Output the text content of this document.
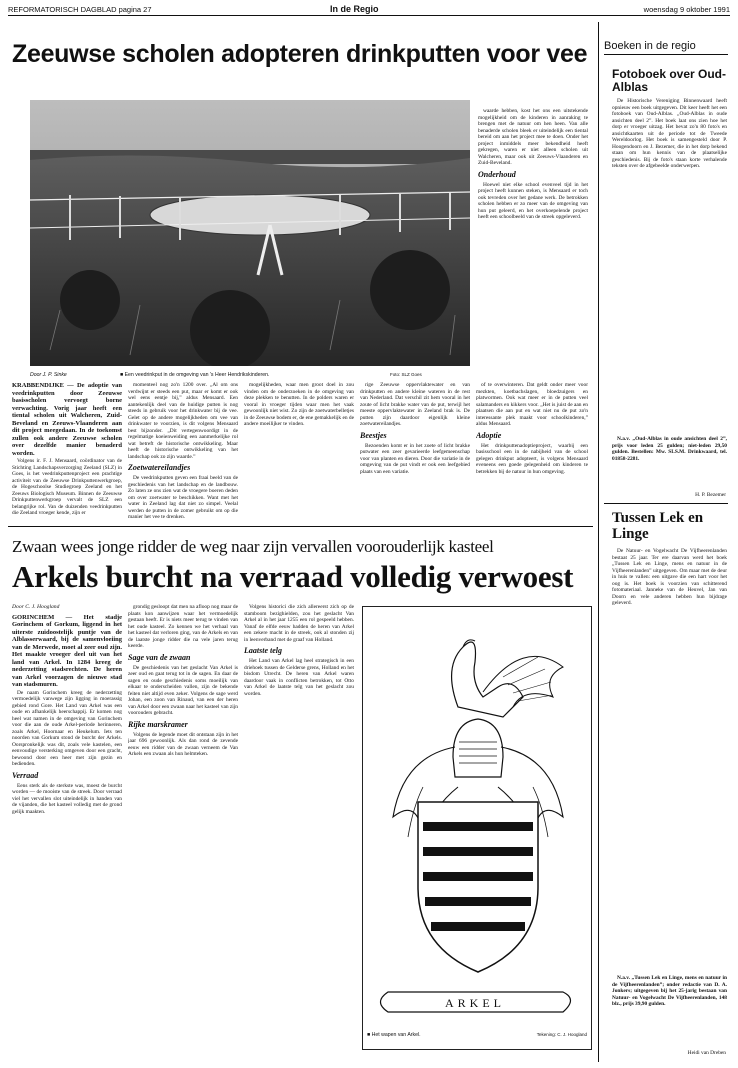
REFORMATORISCH DAGBLAD pagina 27	In de Regio	woensdag 9 oktober 1991
Zeeuwse scholen adopteren drinkputten voor vee
Door J. P. Sinke	■ Een veedrinkput in de omgeving van 's Heer Hendrikskinderen.	Foto: SLZ Goes

KRABBENDIJKE — De adoptie van veedrinkputten door Zeeuwse basisscholen vervoegt borne verwachting. Vorig jaar heeft een tiental scholen uit Walcheren, Zuid-Beveland en Zeeuws-Vlaanderen aan dit project meegedaan. In de toekomst zullen ook andere Zeeuwse scholen over dezelfde manier benaderd worden.

Volgens ir. F. J. Mensaard, coördinator van de Stichting Landschapsverzorging Zeeland (SLZ) in Goes, is het veedrinkputtenproject een prachtige activiteit van de Zeeuwse Drinkputtenwerkgroep, de Hogeschoolse Studiegroep Zeeland en het Zeeuws Biologisch Museum. Binnen de Zeeuwse Drinkputtenwerkgroep vervalt de SLZ een belangrijke rol. Van de duizenden veedrinkputten die Zeeland vroeger kende, zijn er

momenteel nog zo'n 1200 over. „Al om ons verdwijnt er steeds een put, maar er komt er ook wel eens eentje bij,” aldus Mensaard. Een aantekenlijk deel van de huidige putten is nog steeds in gebruik voor het drinkwater bij de vee. Gelet op de andere mogelijkheden om vee van drinkwater te voorzien, is dit volgens Mensaard best bijzonder. „Dit vertegenwoordigt in de regelmatige koeienweiding een aanmerkelijke rol wat betreft de historische ontwikkeling. Maar heeft de historische ontwikkeling van het landschap ook zo zijn waarde.”

Zoetwatereilandjes

De veedrinkputten geven een fraai beeld van de geschiedenis van het landschap en de landbouw. Zo laten ze ons zien wat de vroegere boeren deden om over zoetwater te beschikken. Want met het water in Zeeland lag dat niet zo simpel. Veelal werden de putten in de zomer gebruikt om op die manier het vee te drenken.

mogelijkheden, waar men groot doel in zou vinden om de onderzoeken in de omgeving van deze plekken te benutten. In de polders waren er vooral in vroeger tijden waar men het vaak gewoonlijk niet wist. Zo zijn de zoetwaterbelletjes in de Zeeuwse bodem er, de ene gemakkelijk en de andere moeilijker te vinden.

rige Zeeuwse oppervlaktewater en van drinkputten en andere kleine wateren in de rest van Nederland. Dat verschil zit hem vooral in het zoute of licht brakke water van de put, terwijl het meeste oppervlaktewater in Zeeland brak is. De putten zijn daardoor eigenlijk kleine zoetwatereilandjes.

Beestjes

Bezoenden komt er in het zoete of licht brakke putwater een zeer gevarieerde leefgemeenschap voor van planten en dieren. Door die variatie in de omgeving van de put vindt er ook een leefgebied plaats van een variatie.

of te overwinteren. Dat geldt onder meer voor mezkten, koetbachslagen, bloedzuigers en platwormen. Ook wat meer er in de putten veel salamanders en kikkers voor. „Het is juist de aan en plaatsen die aan put en wat niet nu de put zo'n interessante plek maakt voor schoolkinderen,” aldus Mensaard.

Adoptie

Het drinkputtenadoptieproject, waarbij een basisschool een in de nabijheid van de school gelegen drinkput adopteert, is volgens Mensaard eveneens een goede gelegenheid om kinderen te betrekken bij de natuur in hun omgeving.

waarde hebben, kost het ons een uitstekende mogelijkheid om de kinderen in aanraking te brengen met de natuur om hen heen. Van alle benaderde scholen bleek er uiteindelijk een tiental bereid om aan het project mee te doen. Onder het project inmiddels meer bekendheid heeft gekregen, waren er niet alleen scholen uit Walcheren, maar ook uit Zeeuws-Vlaanderen en Zuid-Beveland.

Onderhoud

Hoewel niet elke school evenveel tijd in het project heeft kunnen steken, is Mensaard er toch ook tevreden over het gedane werk. De betrokken scholen hebben er zo meer van de omgeving van hun put geleerd, en het overkoepelende project heeft een schoolbeeld van de streek opgeleverd.

Zwaan wees jonge ridder de weg naar zijn vervallen voorouderlijk kasteel
Arkels burcht na verraad volledig verwoest
Door C. J. Hoogland

GORINCHEM — Het stadje Gorinchem of Gorkum, liggend in het uiterste zuidoostelijk puntje van de Alblasserwaard, bij de samenvloeiing van de Merwede, moet al zeer oud zijn. Het maakte vroeger deel uit van het land van Arkel. In 1284 kreeg de nederzetting stadsrechten. De heren van Arkel voorzagen de nieuwe stad van stadsmuren.

De naam Gorinchem kreeg de nederzetting vermoedelijk vanwege zijn ligging in moerassig gebied rond Gore. Het Land van Arkel was een oude en afhankelijk heerschappij. Er komen nog heel wat namen in de omgeving van Gorinchem voor die aan de oude Arkel-periode herinneren, zoals Arkel, Hoornaar en Heukelum. Iets ten noorden van Gorkum stond de burcht der Arkels. Oorspronkelijk was dit, zoals vele kastelen, een eenvoudige versterking omgeven door een gracht, bewoond door een heer met zijn gezin en bedienden.

Verraad

Eens sterk als de sterkste was, moest de burcht worden — de mooiste van de streek. Door verraad viel het vervallen slot uiteindelijk in handen van de vijanden, die het kasteel volledig met de grond gelijk maakten.

grondig gesloopt dat men na afloop nog maar de plaats kon aanwijzen waar het vermoedelijk gestaan heeft. Er is niets meer terug te vinden van het oude kasteel. Zo kennen we het verhaal van het kasteel dat verloren ging, van de Arkels en van de laatste jonge ridder die na vele jaren terug keerde.

Sage van de zwaan

De geschiedenis van het geslacht Van Arkel is zeer oud en gaat terug tot in de sagen. En daar de sagen en oude geschiedenis soms moeilijk van elkaar te onderscheiden vallen, zijn de bekende feiten niet altijd even zeker. Volgens de sage werd Johan, een zoon van Rinaud, van een der heren van Arkel door een zwaan naar het kasteel van zijn voorouders gebracht.

Rijke marskramer

Volgens de legende moet dit ontstaan zijn in het jaar 696 gewoonlijk. Als dan rond de zevende eeuw een ridder van de zwaan verneem de Van Arkels een zwaan als hun helmteken.

Volgens historici die zich allereerst zich op de stamboom bezighielden, zou het geslacht Van Arkel al in het jaar 1255 een rol gespeeld hebben. Vanaf de elfde eeuw hadden de heren van Arkel een zekere macht in de streek, ook al stonden zij in leenverband met de graaf van Holland.

Laatste telg

Het Land van Arkel lag heel strategisch in een driehoek tussen de Gelderse grens, Holland en het bisdom Utrecht. De heren van Arkel waren daardoor vaak in conflicten betrokken, tot Otto van Arkel de laatste telg van het geslacht zou worden.

ARKEL
■ Het wapen van Arkel.	Tekening: C. J. Hoogland
Boeken in de regio
Fotoboek over Oud-Alblas

De Historische Vereniging Binnenwaard heeft opnieuw een boek uitgegeven. Dit keer heeft het een fotoboek van Oud-Alblas. „Oud-Alblas in oude ansichten deel 2”. Het boek laat ons zien hoe het dorp er vroeger uitzag. Het bevat zo'n 80 foto's en ansichtkaarten uit de periode tot de Tweede Wereldoorlog. Het boek is samengesteld door P. Hoogendoorn en J. Bezemer, die in het dorp bekend staan om hun kennis van de plaatselijke geschiedenis. Bij de foto's staan korte verhalende teksten over de afgebeelde onderwerpen.

N.a.v. „Oud-Alblas in oude ansichten deel 2”, prijs voor leden 25 gulden; niet-leden 29,50 gulden. Bestellen: Mw. SLS.M. Drinkwaard, tel. 01858-2281.

H. P. Bezemer
Tussen Lek en Linge

De Natuur- en Vogelwacht De Vijfheerenlanden bestaat 25 jaar. Ter ere daarvan werd het boek „Tussen Lek en Linge, mens en natuur in de Vijfheerenlanden” uitgegeven. Om maar met de deur in huis te vallen: een uitgave die een hart voor het oog is. Het boek is voorzien van schitterend fotomateriaal. Janneke van de Heuvel, Jan van Doorn en vele anderen hebben hun bijdrage geleverd.

N.a.v. „Tussen Lek en Linge, mens en natuur in de Vijfheerenlanden”; onder redactie van D. A. Jonkers; uitgegeven bij het 25-jarig bestaan van Natuur- en Vogelwacht De Vijfheerenlanden, 148 blz., prijs 39,90 gulden.

Heidi van Dreben
